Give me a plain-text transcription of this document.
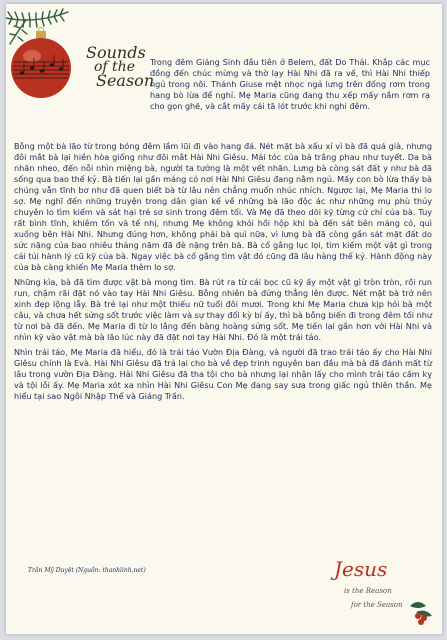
Sounds
of the
Season
Trong đêm Giáng Sinh đầu tiên ở Belem, đất Do Thái. Khắp các mục đồng đến chúc mừng và thờ lạy Hài Nhi đã ra về, thì Hài Nhi thiếp ngủ trong nôi. Thánh Giuse mệt nhọc ngả lưng trên đống rơm trong hang bò lừa để nghỉ. Mẹ Maria cũng đang thu xếp mấy nắm rơm rạ cho gọn ghẽ, và cắt mấy cái tã lót trước khi nghỉ đêm.

Bỗng một bà lão từ trong bóng đêm lầm lũi đi vào hang đá. Nét mặt bà xấu xí vì bà đã quá già, nhưng đôi mắt bà lại hiền hòa giống như đôi mắt Hài Nhi Giêsu. Mái tóc của bà trắng phau như tuyết. Da bà nhăn nheo, đến nỗi nhìn miệng bà, người ta tưởng là một vết nhăn. Lưng bà còng sát đất y như bà đã sống qua bao thế kỷ. Bà tiến lại gần máng cỏ nơi Hài Nhi Giêsu đang nằm ngủ. Mấy con bò lừa thấy bà chúng vẫn tĩnh bơ như đã quen biết bà từ lâu nên chẳng muốn nhúc nhích. Ngược lại, Mẹ Maria thì lo sợ. Mẹ nghĩ đến những truyện trong dân gian kể về những bà lão độc ác như những mụ phù thủy chuyên lo tìm kiếm và sát hại trẻ sơ sinh trong đêm tối. Và Mẹ đã theo dõi kỹ từng cử chỉ của bà. Tuy rất bình tĩnh, khiêm tốn và tế nhị, nhưng Mẹ không khỏi hồi hộp khi bà đến sát bên máng cỏ, quì xuống bên Hài Nhi. Nhưng đúng hơn, không phải bà quì nữa, vì lưng bà đã còng gần sát mặt đất do sức nặng của bao nhiêu tháng năm đã đè nặng trên bà. Bà cố gắng lục lọi, tìm kiếm một vật gì trong cái túi hành lý cũ kỹ của bà. Ngay việc bà cố gắng tìm vật đó cũng đã lâu hàng thế kỷ. Hành động này của bà càng khiến Mẹ Maria thêm lo sợ.

Những kìa, bà đã tìm được vật bà mong tìm. Bà rút ra từ cái bọc cũ kỹ ấy một vật gì tròn tròn, rồi run run, chậm rãi đặt nó vào tay Hài Nhi Giêsu. Bỗng nhiên bà đứng thẳng lên được. Nét mặt bà trở nên xinh đẹp lộng lẫy. Bà trẻ lại như một thiếu nữ tuổi đôi mươi. Trong khi Mẹ Maria chưa kịp hỏi bà một câu, và chưa hết sửng sốt trước việc làm và sự thay đổi kỳ bí ấy, thì bà bỗng biến đi trong đêm tối như từ nơi bà đã đến. Mẹ Maria đi từ lo lắng đến bàng hoàng sửng sốt. Mẹ tiến lại gần hơn với Hài Nhi và nhìn kỹ vào vật mà bà lão lúc này đã đặt nơi tay Hài Nhi. Đó là một trái táo.

Nhìn trái táo, Mẹ Maria đã hiểu, đó là trái táo Vườn Địa Đàng, và người đã trao trái táo ấy cho Hài Nhi Giêsu chính là Evà. Hài Nhi Giêsu đã trả lại cho bà về đẹp trinh nguyên ban đầu mà bà đã đánh mất từ lâu trong vườn Địa Đàng. Hài Nhi Giêsu đã tha tội cho bà nhưng lại nhận lấy cho mình trái táo cấm kỵ và tội lỗi ấy. Mẹ Maria xót xa nhìn Hài Nhi Giêsu Con Mẹ đang say sưa trong giấc ngủ thiên thần. Mẹ hiểu tại sao Ngôi Nhập Thể và Giáng Trần.

Trần Mỹ Duyệt (Nguồn: thanhlinh.net)	Jesus
is the Reason
for the Season
